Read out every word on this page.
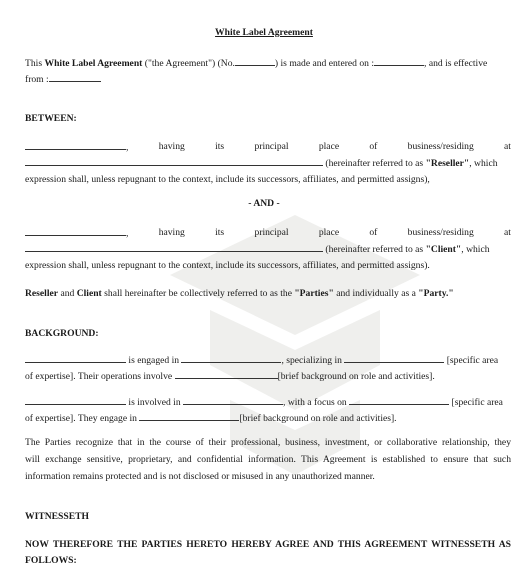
White Label Agreement
This White Label Agreement ("the Agreement") (No.	) is made and entered on :	, and is effective
from :
BETWEEN:
,	having	its	principal	place	of	business/residing	at
(hereinafter referred to as "Reseller", which
expression shall, unless repugnant to the context, include its successors, affiliates, and permitted assigns),
- AND -
,	having	its	principal	place	of	business/residing	at
(hereinafter referred to as "Client", which
expression shall, unless repugnant to the context, include its successors, affiliates, and permitted assigns).
Reseller and Client shall hereinafter be collectively referred to as the "Parties" and individually as a "Party."
BACKGROUND:
is engaged in	, specializing in	[specific area
of expertise]. Their operations involve	[brief background on role and activities].
is involved in	, with a focus on	[specific area
of expertise]. They engage in	[brief background on role and activities].
The Parties recognize that in the course of their professional, business, investment, or collaborative relationship, they
will exchange sensitive, proprietary, and confidential information. This Agreement is established to ensure that such
information remains protected and is not disclosed or misused in any unauthorized manner.
WITNESSETH
NOW THEREFORE THE PARTIES HERETO HEREBY AGREE AND THIS AGREEMENT WITNESSETH AS
FOLLOWS:
